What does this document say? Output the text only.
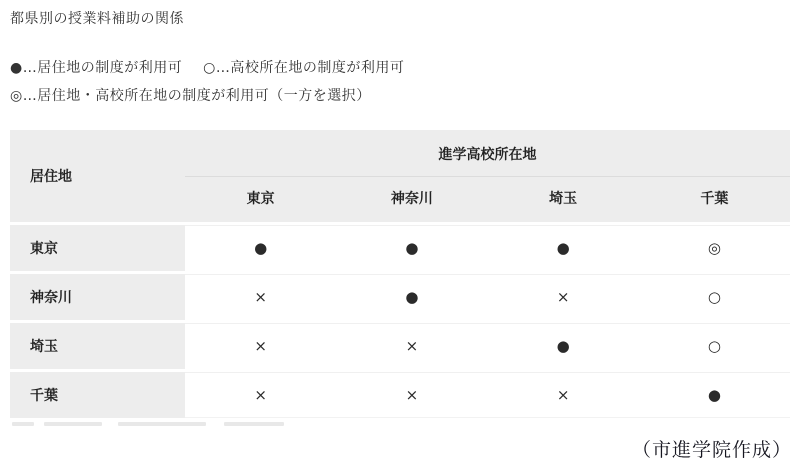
都県別の授業料補助の関係
●…居住地の制度が利用可 ○…高校所在地の制度が利用可
◎…居住地・高校所在地の制度が利用可（一方を選択）
居住地
進学高校所在地
東京	神奈川	埼玉	千葉
東京	●	●	●	◎
神奈川	×	●	×	○
埼玉	×	×	●	○
千葉	×	×	×	●
（市進学院作成）
